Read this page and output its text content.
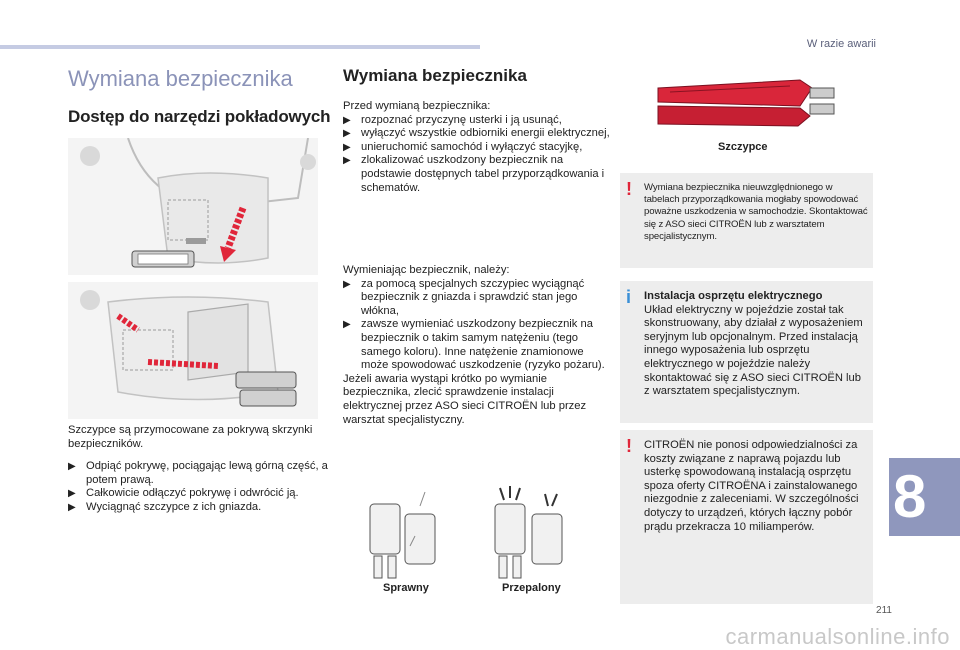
W razie awarii
Wymiana bezpiecznika
Dostęp do narzędzi pokładowych
Szczypce są przymocowane za pokrywą skrzynki bezpieczników.
▶ Odpiąć pokrywę, pociągając lewą górną część, a potem prawą.
▶ Całkowicie odłączyć pokrywę i odwrócić ją.
▶ Wyciągnąć szczypce z ich gniazda.
Wymiana bezpiecznika
Przed wymianą bezpiecznika:
▶ rozpoznać przyczynę usterki i ją usunąć,
▶ wyłączyć wszystkie odbiorniki energii elektrycznej,
▶ unieruchomić samochód i wyłączyć stacyjkę,
▶ zlokalizować uszkodzony bezpiecznik na podstawie dostępnych tabel przyporządkowania i schematów.
Wymieniając bezpiecznik, należy:
▶ za pomocą specjalnych szczypiec wyciągnąć bezpiecznik z gniazda i sprawdzić stan jego włókna,
▶ zawsze wymieniać uszkodzony bezpiecznik na bezpiecznik o takim samym natężeniu (tego samego koloru). Inne natężenie znamionowe może spowodować uszkodzenie (ryzyko pożaru).
Jeżeli awaria wystąpi krótko po wymianie bezpiecznika, zlecić sprawdzenie instalacji elektrycznej przez ASO sieci CITROËN lub przez warsztat specjalistyczny.
Sprawny	Przepalony
Szczypce
! Wymiana bezpiecznika nieuwzględnionego w tabelach przyporządkowania mogłaby spowodować poważne uszkodzenia w samochodzie. Skontaktować się z ASO sieci CITROËN lub z warsztatem specjalistycznym.
i Instalacja osprzętu elektrycznego
Układ elektryczny w pojeździe został tak skonstruowany, aby działał z wyposażeniem seryjnym lub opcjonalnym. Przed instalacją innego wyposażenia lub osprzętu elektrycznego w pojeździe należy skontaktować się z ASO sieci CITROËN lub z warsztatem specjalistycznym.
! CITROËN nie ponosi odpowiedzialności za koszty związane z naprawą pojazdu lub usterkę spowodowaną instalacją osprzętu spoza oferty CITROËNA i zainstalowanego niezgodnie z zaleceniami. W szczególności dotyczy to urządzeń, których łączny pobór prądu przekracza 10 miliamperów.	8
211
carmanualsonline.info
